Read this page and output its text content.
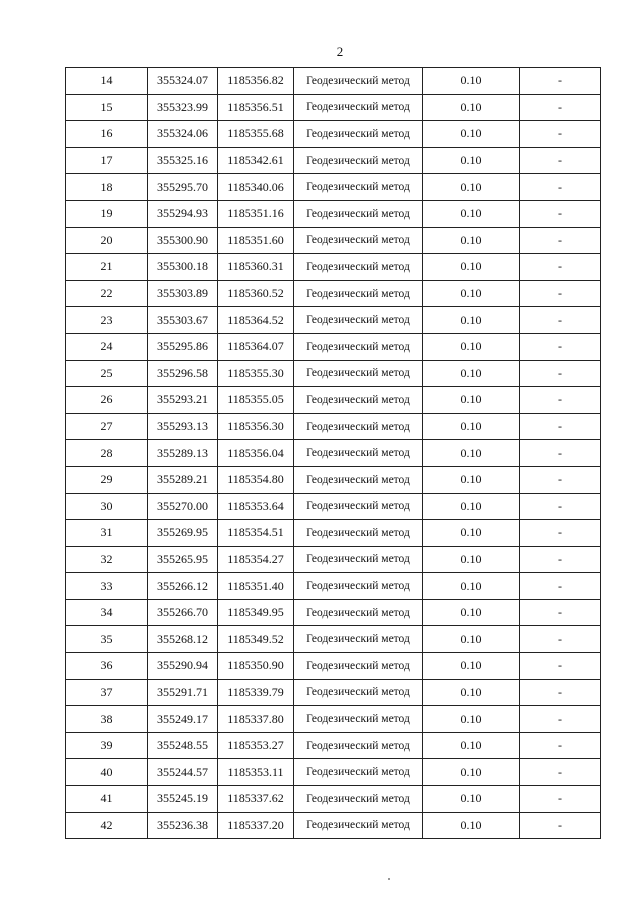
2
14	355324.07	1185356.82	Геодезический метод	0.10	-
15	355323.99	1185356.51	Геодезический метод	0.10	-
16	355324.06	1185355.68	Геодезический метод	0.10	-
17	355325.16	1185342.61	Геодезический метод	0.10	-
18	355295.70	1185340.06	Геодезический метод	0.10	-
19	355294.93	1185351.16	Геодезический метод	0.10	-
20	355300.90	1185351.60	Геодезический метод	0.10	-
21	355300.18	1185360.31	Геодезический метод	0.10	-
22	355303.89	1185360.52	Геодезический метод	0.10	-
23	355303.67	1185364.52	Геодезический метод	0.10	-
24	355295.86	1185364.07	Геодезический метод	0.10	-
25	355296.58	1185355.30	Геодезический метод	0.10	-
26	355293.21	1185355.05	Геодезический метод	0.10	-
27	355293.13	1185356.30	Геодезический метод	0.10	-
28	355289.13	1185356.04	Геодезический метод	0.10	-
29	355289.21	1185354.80	Геодезический метод	0.10	-
30	355270.00	1185353.64	Геодезический метод	0.10	-
31	355269.95	1185354.51	Геодезический метод	0.10	-
32	355265.95	1185354.27	Геодезический метод	0.10	-
33	355266.12	1185351.40	Геодезический метод	0.10	-
34	355266.70	1185349.95	Геодезический метод	0.10	-
35	355268.12	1185349.52	Геодезический метод	0.10	-
36	355290.94	1185350.90	Геодезический метод	0.10	-
37	355291.71	1185339.79	Геодезический метод	0.10	-
38	355249.17	1185337.80	Геодезический метод	0.10	-
39	355248.55	1185353.27	Геодезический метод	0.10	-
40	355244.57	1185353.11	Геодезический метод	0.10	-
41	355245.19	1185337.62	Геодезический метод	0.10	-
42	355236.38	1185337.20	Геодезический метод	0.10	-
